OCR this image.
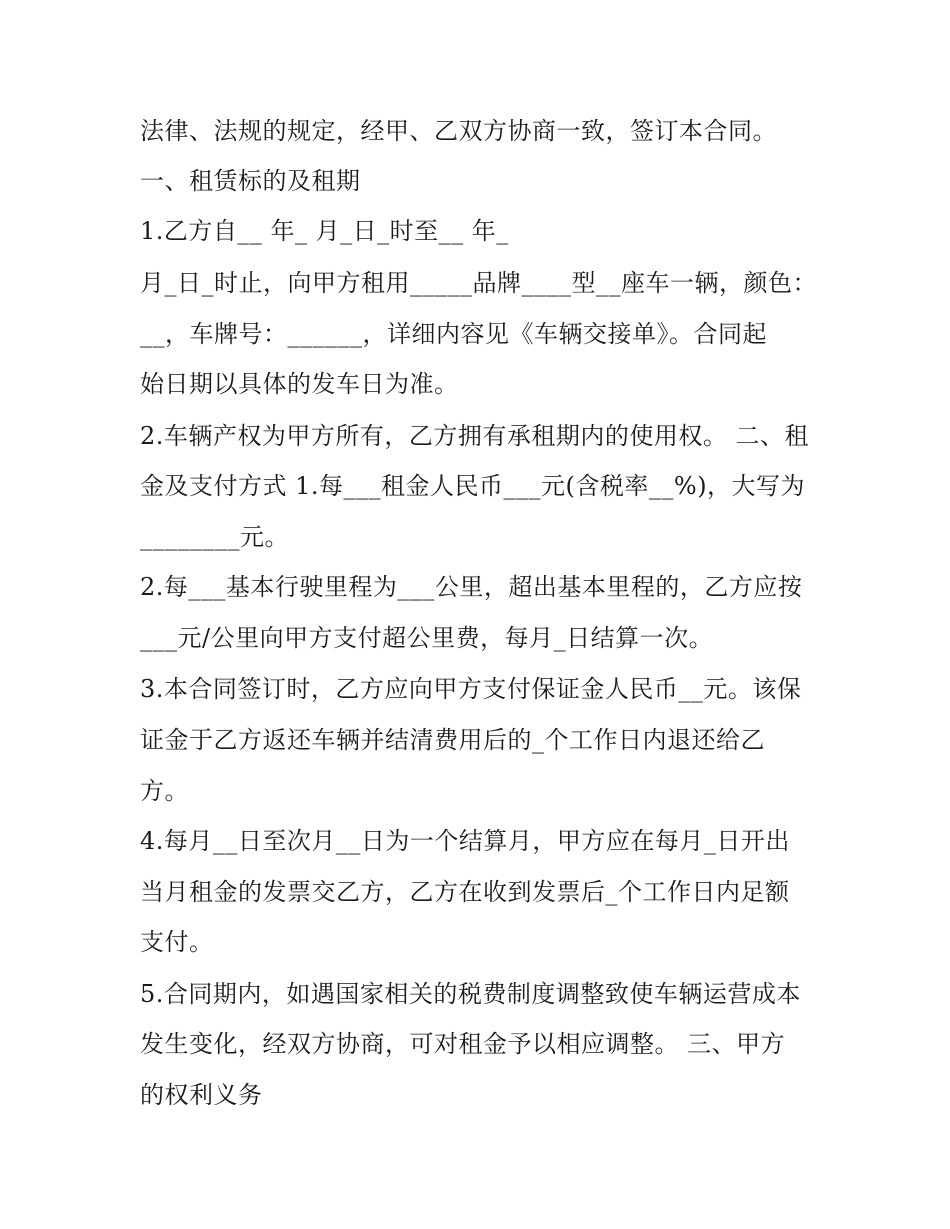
法律、法规的规定，经甲、乙双方协商一致，签订本合同。
一、租赁标的及租期
1.乙方自__ 年_ 月_日_时至__ 年_
月_日_时止，向甲方租用_____品牌____型__座车一辆，颜色：
__，车牌号：______，详细内容见《车辆交接单》。合同起
始日期以具体的发车日为准。
2.车辆产权为甲方所有，乙方拥有承租期内的使用权。 二、租
金及支付方式 1.每___租金人民币___元(含税率__%)，大写为
________元。
2.每___基本行驶里程为___公里，超出基本里程的，乙方应按
___元/公里向甲方支付超公里费，每月_日结算一次。
3.本合同签订时，乙方应向甲方支付保证金人民币__元。该保
证金于乙方返还车辆并结清费用后的_个工作日内退还给乙
方。
4.每月__日至次月__日为一个结算月，甲方应在每月_日开出
当月租金的发票交乙方，乙方在收到发票后_个工作日内足额
支付。
5.合同期内，如遇国家相关的税费制度调整致使车辆运营成本
发生变化，经双方协商，可对租金予以相应调整。 三、甲方
的权利义务
